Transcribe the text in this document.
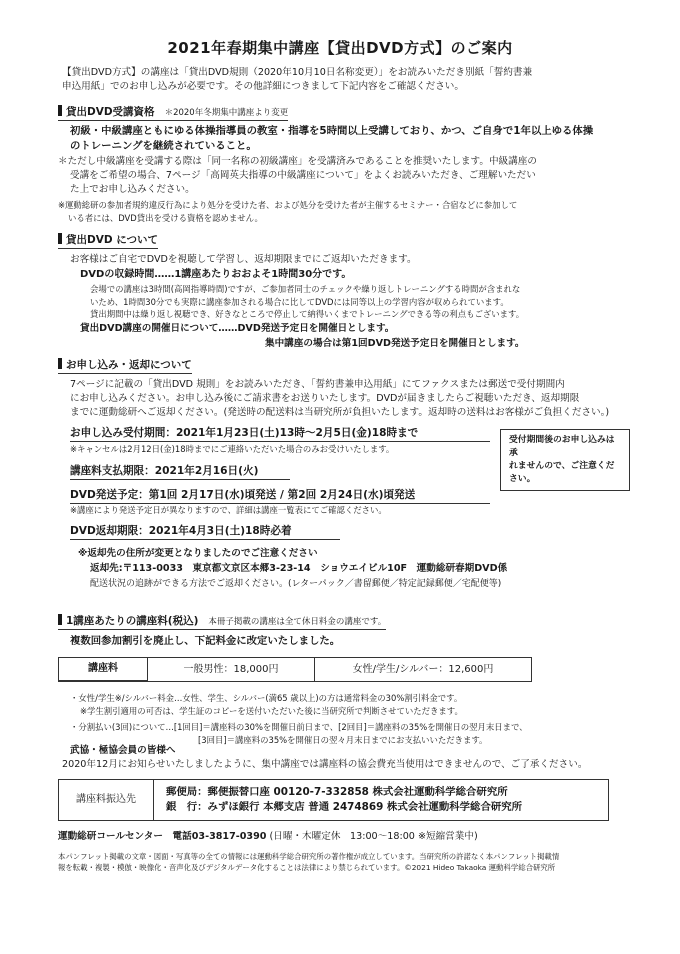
2021年春期集中講座【貸出DVD方式】のご案内
【貸出DVD方式】の講座は「貸出DVD規則（2020年10月10日名称変更）」をお読みいただき別紙「誓約書兼
申込用紙」でのお申し込みが必要です。その他詳細につきまして下記内容をご確認ください。
貸出DVD受講資格 ＊2020年冬期集中講座より変更
初級・中級講座ともにゆる体操指導員の教室・指導を5時間以上受講しており、かつ、ご自身で1年以上ゆる体操
のトレーニングを継続されていること。
＊ただし中級講座を受講する際は「同一名称の初級講座」を受講済みであることを推奨いたします。中級講座の
受講をご希望の場合、7ページ「高岡英夫指導の中級講座について」をよくお読みいただき、ご理解いただい
た上でお申し込みください。
※運動総研の参加者規約違反行為により処分を受けた者、および処分を受けた者が主催するセミナー・合宿などに参加して
いる者には、DVD貸出を受ける資格を認めません。
貸出DVD について
お客様はご自宅でDVDを視聴して学習し、返却期限までにご返却いただきます。
DVDの収録時間……1講座あたりおおよそ1時間30分です。
会場での講座は3時間(高岡指導時間)ですが、ご参加者同士のチェックや繰り返しトレーニングする時間が含まれな
いため、1時間30分でも実際に講座参加される場合に比してDVDには同等以上の学習内容が収められています。
貸出期間中は繰り返し視聴でき、好きなところで停止して納得いくまでトレーニングできる等の利点もございます。
貸出DVD講座の開催日について……DVD発送予定日を開催日とします。
集中講座の場合は第1回DVD発送予定日を開催日とします。
お申し込み・返却について
7ページに記載の「貸出DVD 規則」をお読みいただき、「誓約書兼申込用紙」にてファクスまたは郵送で受付期間内
にお申し込みください。お申し込み後にご請求書をお送りいたします。DVDが届きましたらご視聴いただき、返却期限
までに運動総研へご返却ください。(発送時の配送料は当研究所が負担いたします。返却時の送料はお客様がご負担ください。)
お申し込み受付期間：2021年1月23日(土)13時～2月5日(金)18時まで
※キャンセルは2月12日(金)18時までにご連絡いただいた場合のみお受けいたします。
受付期間後のお申し込みは承
れませんので、ご注意ください。
講座料支払期限：2021年2月16日(火)
DVD発送予定：第1回 2月17日(水)頃発送 / 第2回 2月24日(水)頃発送
※講座により発送予定日が異なりますので、詳細は講座一覧表にてご確認ください。
DVD返却期限：2021年4月3日(土)18時必着
※返却先の住所が変更となりましたのでご注意ください
返却先:〒113-0033　東京都文京区本郷3-23-14　ショウエイビル10F　運動総研春期DVD係
配送状況の追跡ができる方法でご返却ください。(レターパック／書留郵便／特定記録郵便／宅配便等)
1講座あたりの講座料(税込) 本冊子掲載の講座は全て休日料金の講座です。
複数回参加割引を廃止し、下記料金に改定いたしました。
講座料	一般男性：18,000円	女性/学生/シルバー：12,600円
・女性/学生※/シルバー料金…女性、学生、シルバー(満65 歳以上)の方は通常料金の30%割引料金です。
※学生割引適用の可否は、学生証のコピーを送付いただいた後に当研究所で判断させていただきます。
・分割払い(3回)について…[1回目]＝講座料の30%を開催日前日まで、[2回目]＝講座料の35%を開催日の翌月末日まで、
[3回目]＝講座料の35%を開催日の翌々月末日までにお支払いいただきます。
武協・極協会員の皆様へ
2020年12月にお知らせいたしましたように、集中講座では講座料の協会費充当使用はできませんので、ご了承ください。
講座料振込先	
郵便局：郵便振替口座 00120-7-332858 株式会社運動科学総合研究所
銀　行：みずほ銀行 本郷支店 普通 2474869 株式会社運動科学総合研究所
運動総研コールセンター　電話03-3817-0390 (日曜・木曜定休　13:00～18:00 ※短縮営業中)
本パンフレット掲載の文章・図面・写真等の全ての情報には運動科学総合研究所の著作権が成立しています。当研究所の許諾なく本パンフレット掲載情
報を転載・複製・模倣・映像化・音声化及びデジタルデータ化することは法律により禁じられています。©2021 Hideo Takaoka 運動科学総合研究所
